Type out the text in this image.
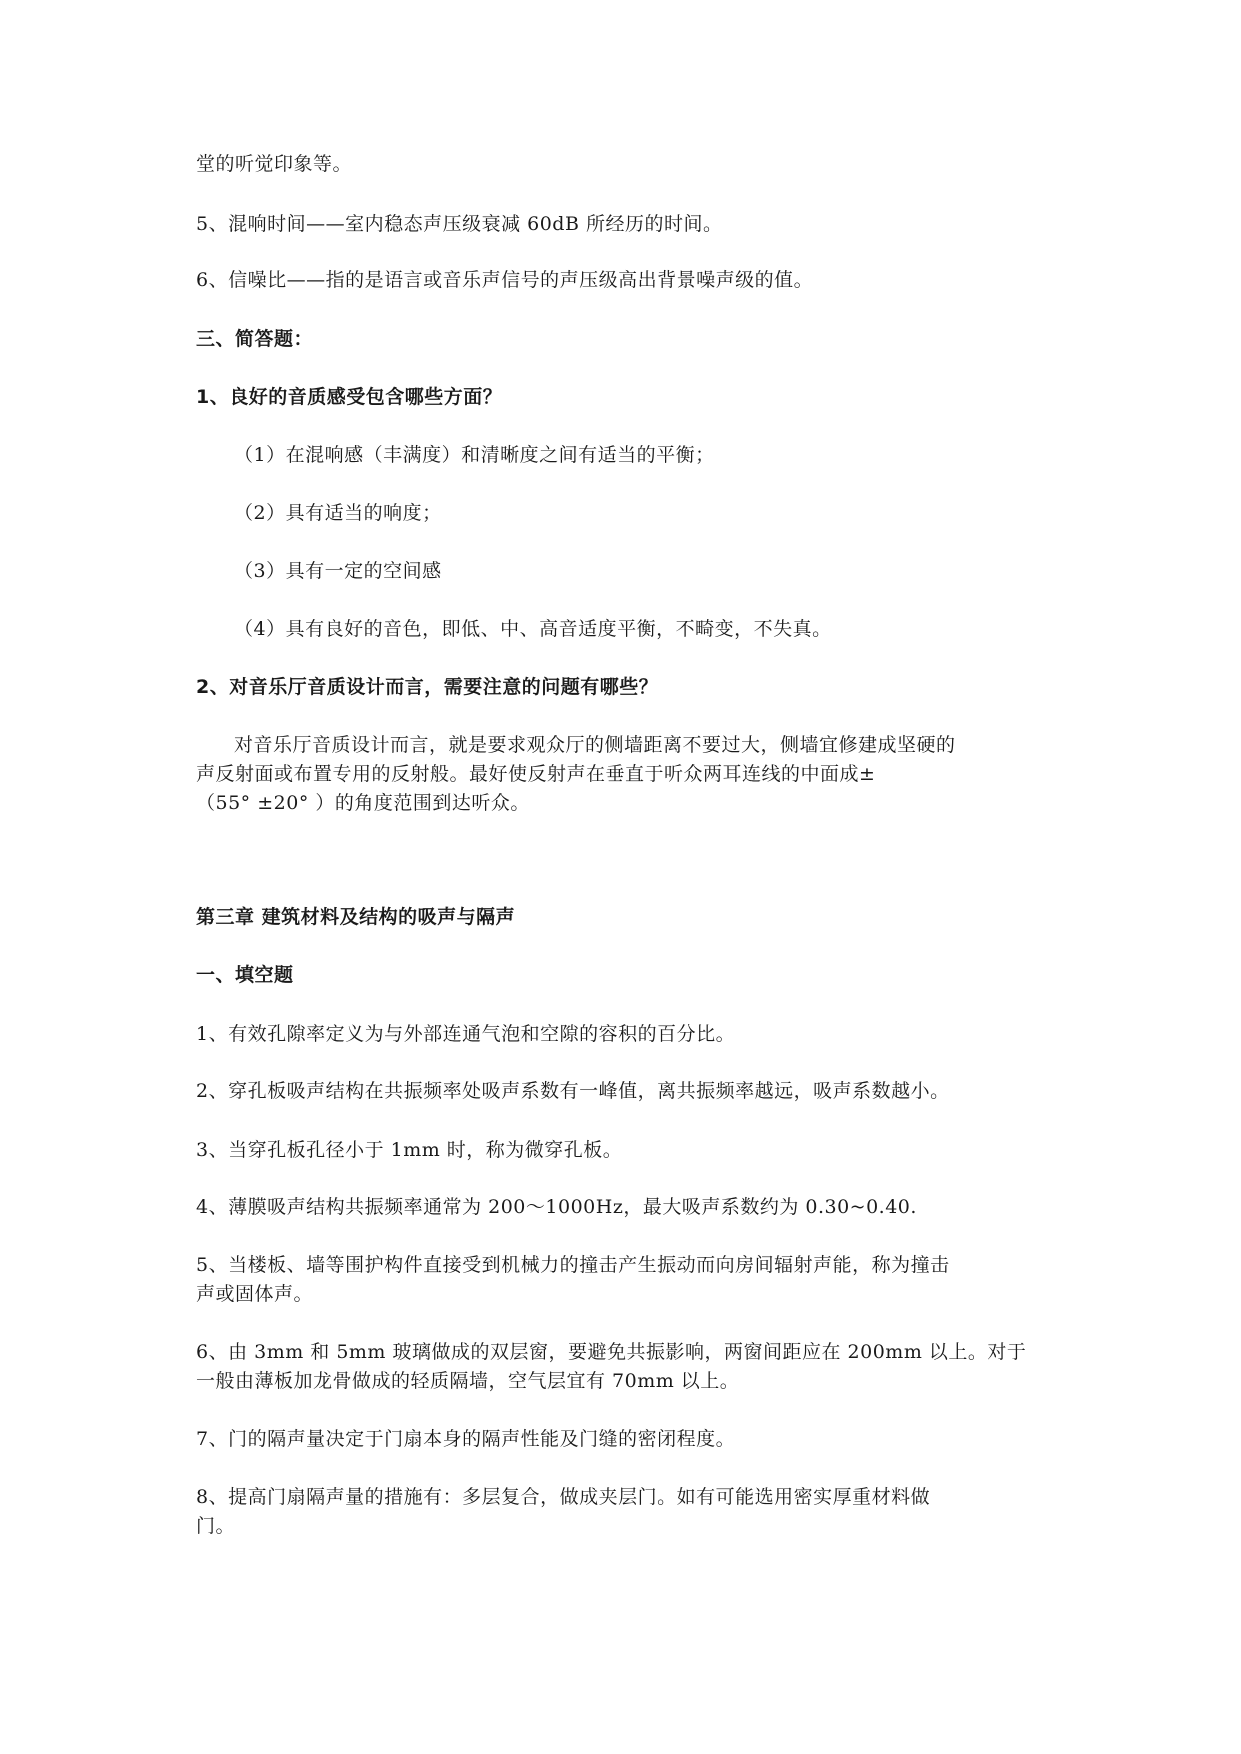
堂的听觉印象等。
5、混响时间——室内稳态声压级衰减 60dB 所经历的时间。
6、信噪比——指的是语言或音乐声信号的声压级高出背景噪声级的值。
三、简答题：
1、良好的音质感受包含哪些方面？
（1）在混响感（丰满度）和清晰度之间有适当的平衡；
（2）具有适当的响度；
（3）具有一定的空间感
（4）具有良好的音色，即低、中、高音适度平衡，不畸变，不失真。
2、对音乐厅音质设计而言，需要注意的问题有哪些？
对音乐厅音质设计而言，就是要求观众厅的侧墙距离不要过大，侧墙宜修建成坚硬的
声反射面或布置专用的反射般。最好使反射声在垂直于听众两耳连线的中面成±
（55° ±20° ）的角度范围到达听众。
第三章 建筑材料及结构的吸声与隔声
一、填空题
1、有效孔隙率定义为与外部连通气泡和空隙的容积的百分比。
2、穿孔板吸声结构在共振频率处吸声系数有一峰值，离共振频率越远，吸声系数越小。
3、当穿孔板孔径小于 1mm 时，称为微穿孔板。
4、薄膜吸声结构共振频率通常为 200～1000Hz，最大吸声系数约为 0.30~0.40.
5、当楼板、墙等围护构件直接受到机械力的撞击产生振动而向房间辐射声能，称为撞击
声或固体声。
6、由 3mm 和 5mm 玻璃做成的双层窗，要避免共振影响，两窗间距应在 200mm 以上。对于
一般由薄板加龙骨做成的轻质隔墙，空气层宜有 70mm 以上。
7、门的隔声量决定于门扇本身的隔声性能及门缝的密闭程度。
8、提高门扇隔声量的措施有：多层复合，做成夹层门。如有可能选用密实厚重材料做
门。
